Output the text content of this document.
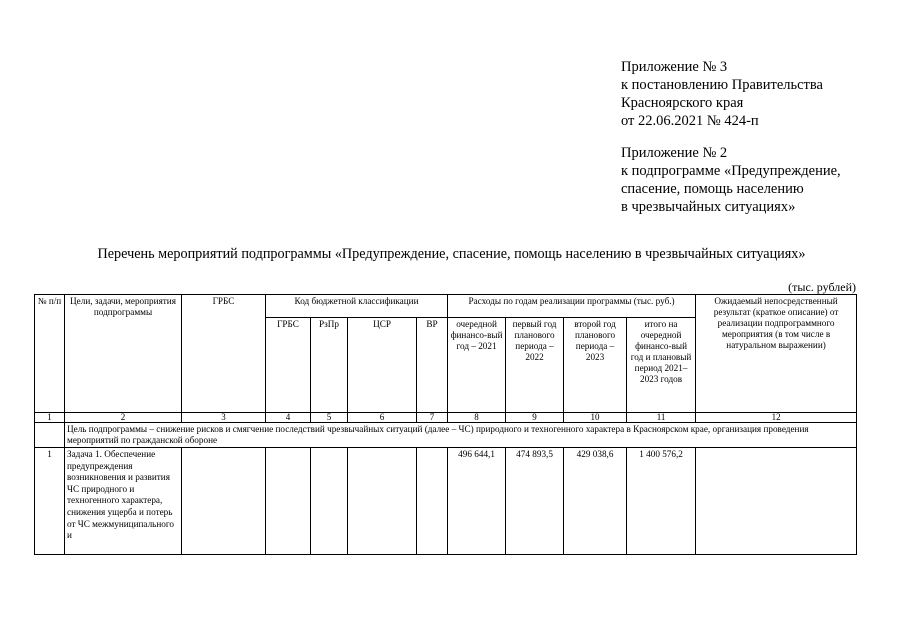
Приложение № 3
к постановлению Правительства
Красноярского края
от 22.06.2021 № 424-п
Приложение № 2
к подпрограмме «Предупреждение,
спасение, помощь населению
в чрезвычайных ситуациях»
Перечень мероприятий подпрограммы «Предупреждение, спасение, помощь населению в чрезвычайных ситуациях»
(тыс. рублей)
№ п/п	Цели, задачи, мероприятия подпрограммы	ГРБС	Код бюджетной классификации				Расходы по годам реализации программы (тыс. руб.)				Ожидаемый непосредственный результат (краткое описание) от реализации подпрограммного мероприятия (в том числе в натуральном выражении)
			ГРБС	РзПр	ЦСР	ВР	очередной финансо-вый год – 2021	первый год планового периода – 2022	второй год планового периода – 2023	итого на очередной финансо-вый год и плановый период 2021–2023 годов	
1	2	3	4	5	6	7	8	9	10	11	12
	Цель подпрограммы – снижение рисков и смягчение последствий чрезвычайных ситуаций (далее – ЧС) природного и техногенного характера в Красноярском крае, организация проведения мероприятий по гражданской обороне										
1	Задача 1. Обеспечение предупреждения возникновения и развития ЧС природного и техногенного характера, снижения ущерба и потерь от ЧС межмуниципального и						496 644,1	474 893,5	429 038,6	1 400 576,2	
